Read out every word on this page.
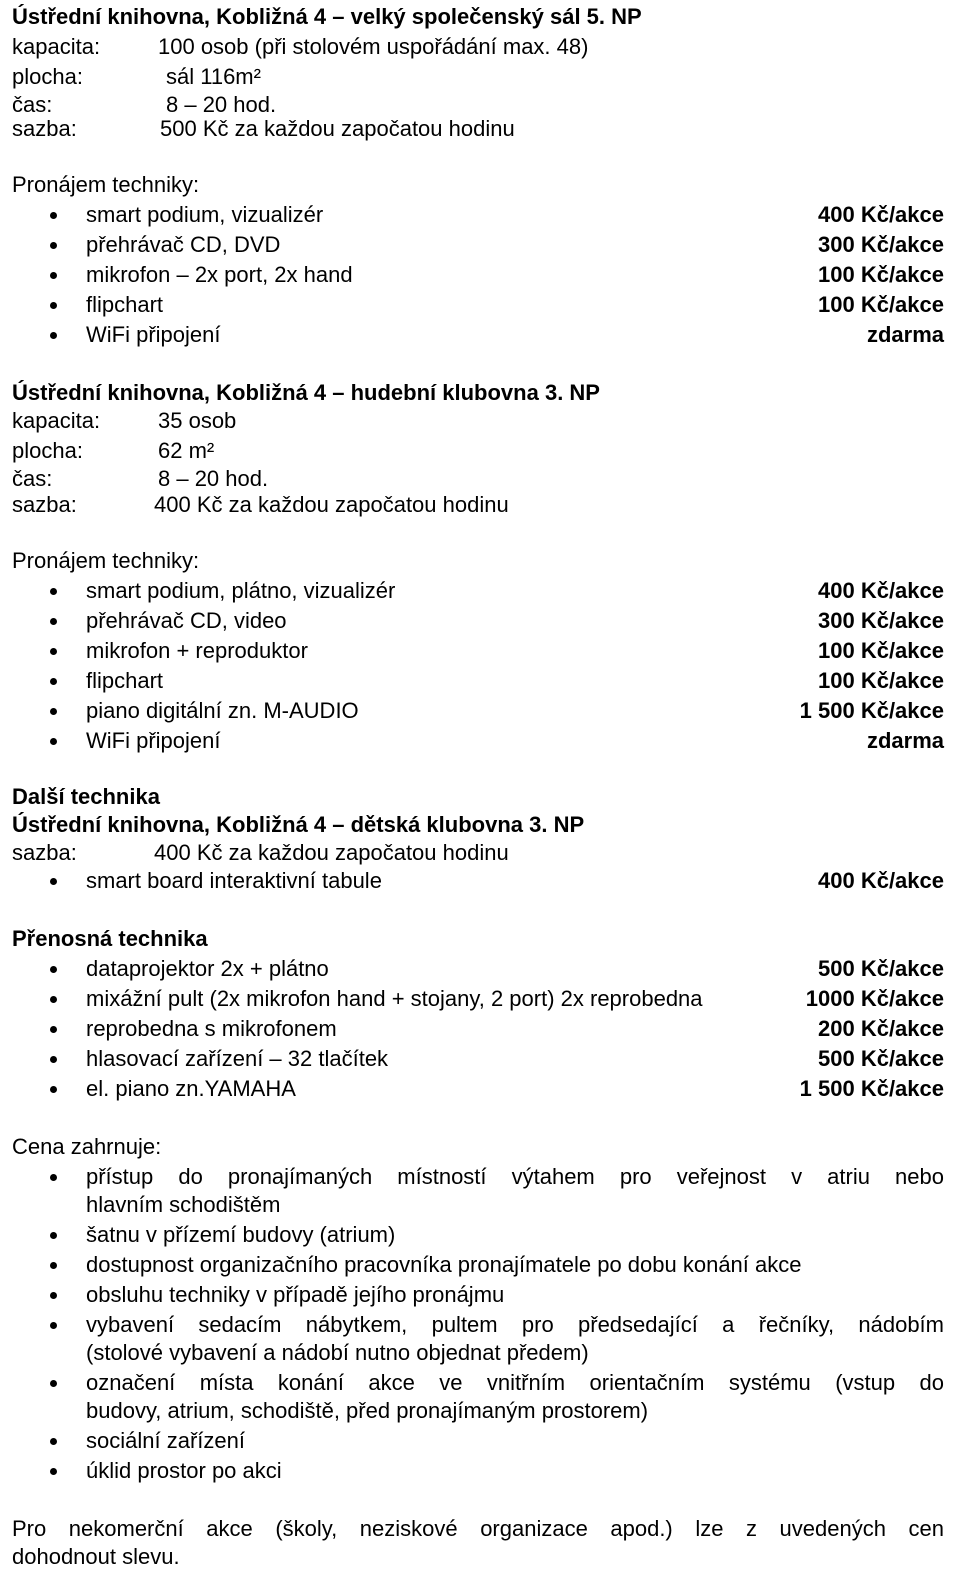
Ústřední knihovna, Kobližná 4 – velký společenský sál 5. NP
kapacita:	100 osob (při stolovém uspořádání max. 48)
plocha:	sál 116m²
čas:	8 – 20 hod.
sazba:	500 Kč za každou započatou hodinu
Pronájem techniky:
smart podium, vizualizér	400 Kč/akce
přehrávač CD, DVD	300 Kč/akce
mikrofon – 2x port, 2x hand	100 Kč/akce
flipchart	100 Kč/akce
WiFi připojení	zdarma
Ústřední knihovna, Kobližná 4 – hudební klubovna 3. NP
kapacita:	35 osob
plocha:	62 m²
čas:	8 – 20 hod.
sazba:	400 Kč za každou započatou hodinu
Pronájem techniky:
smart podium, plátno, vizualizér	400 Kč/akce
přehrávač CD, video	300 Kč/akce
mikrofon + reproduktor	100 Kč/akce
flipchart	100 Kč/akce
piano digitální zn. M-AUDIO	1 500 Kč/akce
WiFi připojení	zdarma
Další technika
Ústřední knihovna, Kobližná 4 – dětská klubovna 3. NP
sazba:	400 Kč za každou započatou hodinu
smart board interaktivní tabule	400 Kč/akce
Přenosná technika
dataprojektor 2x + plátno	500 Kč/akce
mixážní pult (2x mikrofon hand + stojany, 2 port) 2x reprobedna	1000 Kč/akce
reprobedna s mikrofonem	200 Kč/akce
hlasovací zařízení – 32 tlačítek	500 Kč/akce
el. piano zn.YAMAHA	1 500 Kč/akce
Cena zahrnuje:
přístup do pronajímaných místností výtahem pro veřejnost v atriu nebo
hlavním schodištěm
šatnu v přízemí budovy (atrium)
dostupnost organizačního pracovníka pronajímatele po dobu konání akce
obsluhu techniky v případě jejího pronájmu
vybavení sedacím nábytkem, pultem pro předsedající a řečníky, nádobím
(stolové vybavení a nádobí nutno objednat předem)
označení místa konání akce ve vnitřním orientačním systému (vstup do
budovy, atrium, schodiště, před pronajímaným prostorem)
sociální zařízení
úklid prostor po akci
Pro nekomerční akce (školy, neziskové organizace apod.) lze z uvedených cen
dohodnout slevu.
